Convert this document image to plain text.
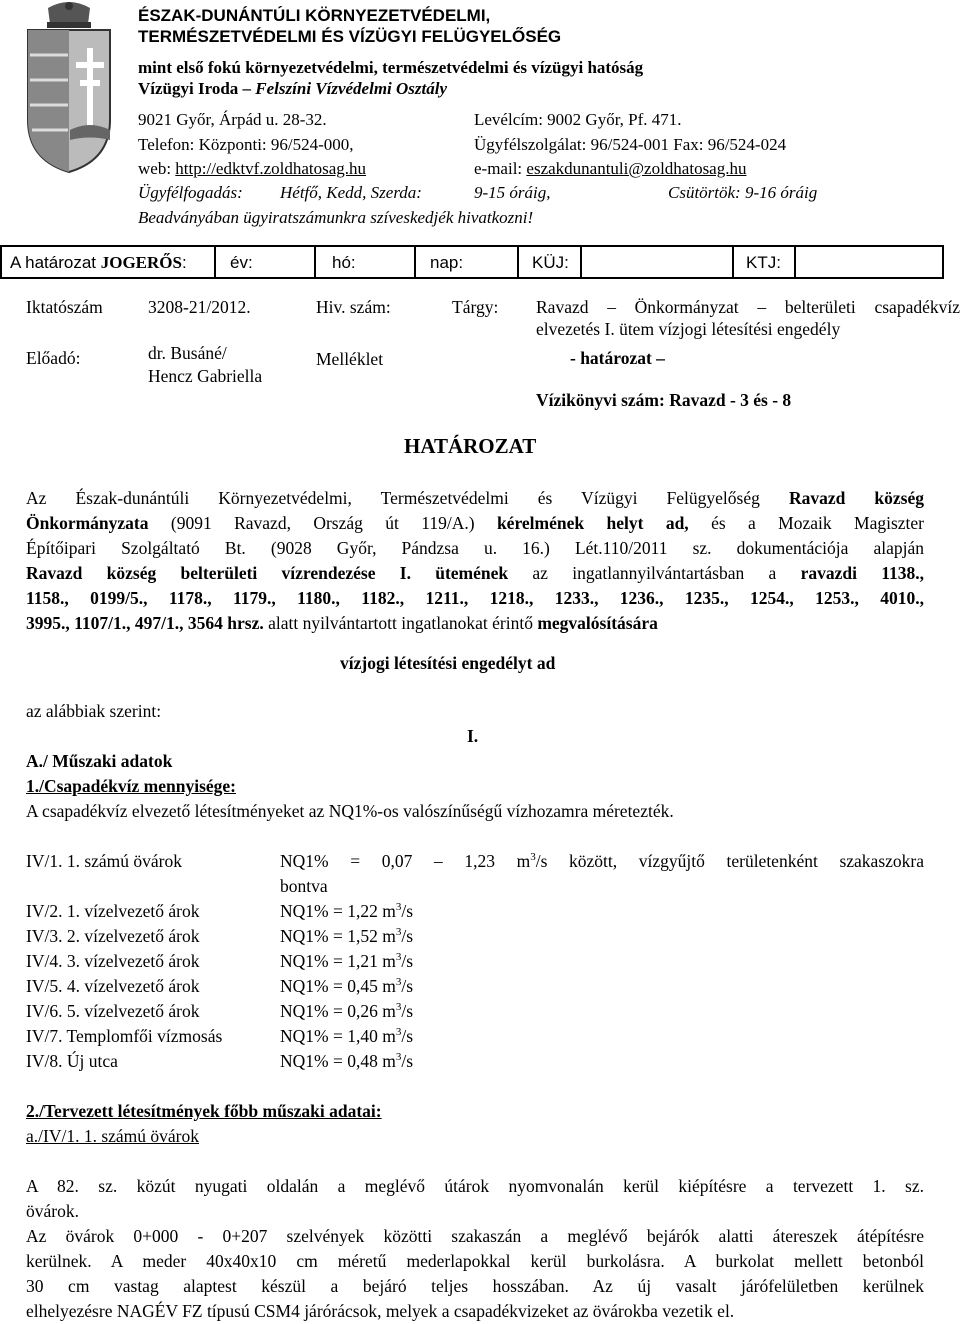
ÉSZAK-DUNÁNTÚLI KÖRNYEZETVÉDELMI,
TERMÉSZETVÉDELMI ÉS VÍZÜGYI FELÜGYELŐSÉG
mint első fokú környezetvédelmi, természetvédelmi és vízügyi hatóság
Vízügyi Iroda – Felszíni Vízvédelmi Osztály
9021 Győr, Árpád u. 28-32.	Levélcím: 9002 Győr, Pf. 471.
Telefon: Központi: 96/524-000,	Ügyfélszolgálat: 96/524-001 Fax: 96/524-024
web: http://edktvf.zoldhatosag.hu	e-mail: eszakdunantuli@zoldhatosag.hu
Ügyfélfogadás: Hétfő, Kedd, Szerda:	9-15 óráig,	Csütörtök: 9-16 óráig
Beadványában ügyiratszámunkra szíveskedjék hivatkozni!
A határozat JOGERŐS:	év:	hó:	nap:	KÜJ:	KTJ:
Iktatószám	3208-21/2012.	Hiv. szám:	Tárgy: Ravazd – Önkormányzat – belterületi csapadékvíz
elvezetés I. ütem vízjogi létesítési engedély
Előadó:	dr. Busáné/
Hencz Gabriella
Melléklet	- határozat –
Vízikönyvi szám: Ravazd - 3 és - 8
HATÁROZAT
Az Észak-dunántúli Környezetvédelmi, Természetvédelmi és Vízügyi Felügyelőség Ravazd község
Önkormányzata (9091 Ravazd, Ország út 119/A.) kérelmének helyt ad, és a Mozaik Magiszter
Építőipari Szolgáltató Bt. (9028 Győr, Pándzsa u. 16.) Lét.110/2011 sz. dokumentációja alapján
Ravazd község belterületi vízrendezése I. ütemének az ingatlannyilvántartásban a ravazdi 1138.,
1158., 0199/5., 1178., 1179., 1180., 1182., 1211., 1218., 1233., 1236., 1235., 1254., 1253., 4010.,
3995., 1107/1., 497/1., 3564 hrsz. alatt nyilvántartott ingatlanokat érintő megvalósítására
vízjogi létesítési engedélyt ad
az alábbiak szerint:
I.
A./ Műszaki adatok
1./Csapadékvíz mennyisége:
A csapadékvíz elvezető létesítményeket az NQ1%-os valószínűségű vízhozamra méretezték.
IV/1. 1. számú övárok	NQ1% = 0,07 – 1,23 $m^3/s$ között, vízgyűjtő területenként szakaszokra
bontva
IV/2. 1. vízelvezető árok	NQ1% = 1,22 $m^3/s$
IV/3. 2. vízelvezető árok	NQ1% = 1,52 $m^3/s$
IV/4. 3. vízelvezető árok	NQ1% = 1,21 $m^3/s$
IV/5. 4. vízelvezető árok	NQ1% = 0,45 $m^3/s$
IV/6. 5. vízelvezető árok	NQ1% = 0,26 $m^3/s$
IV/7. Templomfői vízmosás	NQ1% = 1,40 $m^3/s$
IV/8. Új utca	NQ1% = 0,48 $m^3/s$
2./Tervezett létesítmények főbb műszaki adatai:
a./IV/1. 1. számú övárok
A 82. sz. közút nyugati oldalán a meglévő útárok nyomvonalán kerül kiépítésre a tervezett 1. sz.
övárok.
Az övárok 0+000 - 0+207 szelvények közötti szakaszán a meglévő bejárók alatti átereszek átépítésre
kerülnek. A meder 40x40x10 cm méretű mederlapokkal kerül burkolásra. A burkolat mellett betonból
30 cm vastag alaptest készül a bejáró teljes hosszában. Az új vasalt járófelületben kerülnek
elhelyezésre NAGÉV FZ típusú CSM4 járórácsok, melyek a csapadékvizeket az övárokba vezetik el.
